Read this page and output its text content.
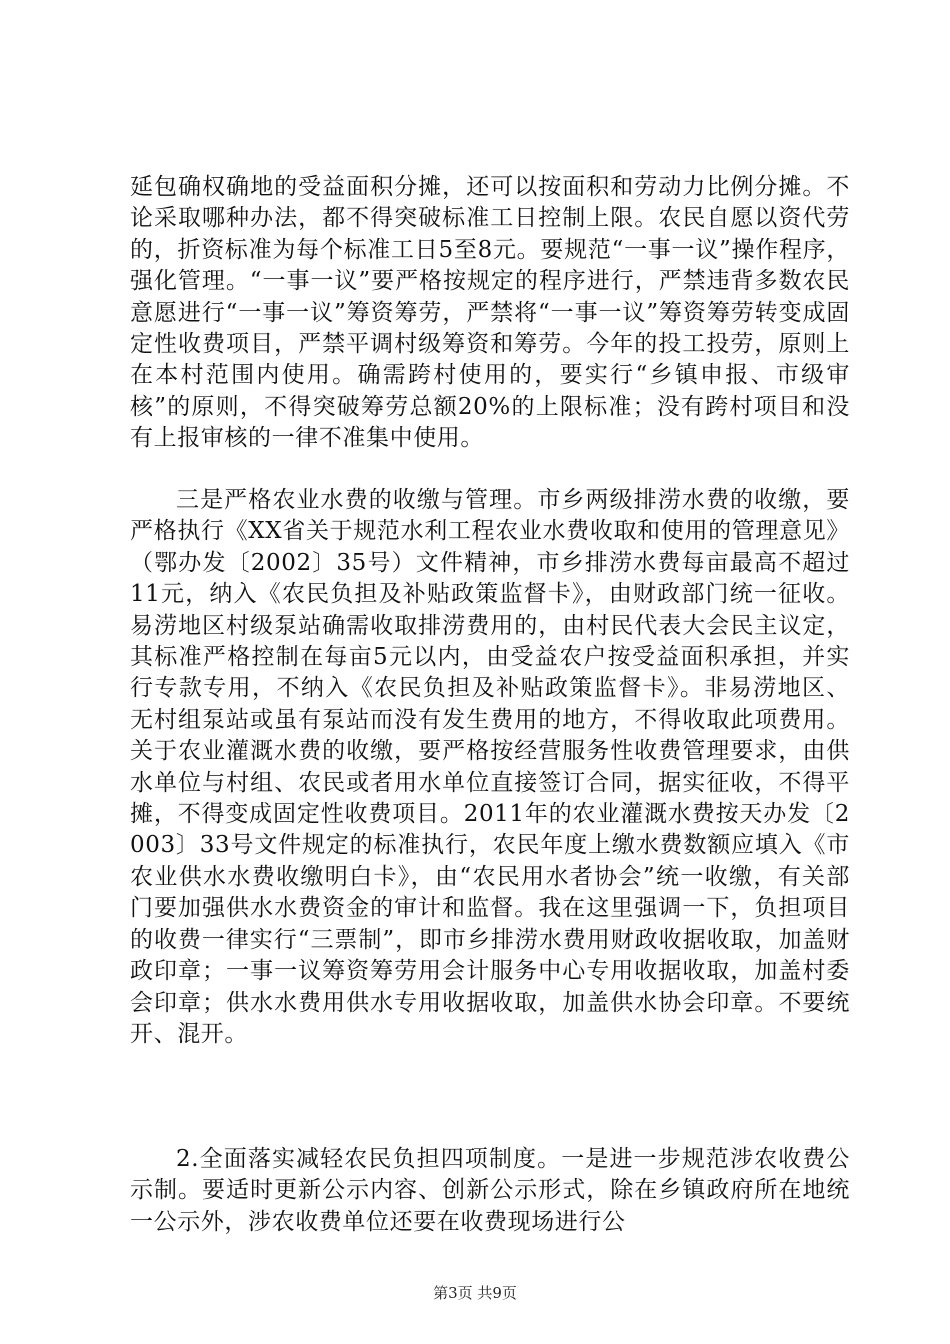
延包确权确地的受益面积分摊，还可以按面积和劳动力比例分摊。不论采取哪种办法，都不得突破标准工日控制上限。农民自愿以资代劳的，折资标准为每个标准工日5至8元。要规范“一事一议”操作程序，强化管理。“一事一议”要严格按规定的程序进行，严禁违背多数农民意愿进行“一事一议”筹资筹劳，严禁将“一事一议”筹资筹劳转变成固定性收费项目，严禁平调村级筹资和筹劳。今年的投工投劳，原则上在本村范围内使用。确需跨村使用的，要实行“乡镇申报、市级审核”的原则，不得突破筹劳总额20%的上限标准；没有跨村项目和没有上报审核的一律不准集中使用。

三是严格农业水费的收缴与管理。市乡两级排涝水费的收缴，要严格执行《XX省关于规范水利工程农业水费收取和使用的管理意见》（鄂办发〔2002〕35号）文件精神，市乡排涝水费每亩最高不超过11元，纳入《农民负担及补贴政策监督卡》，由财政部门统一征收。易涝地区村级泵站确需收取排涝费用的，由村民代表大会民主议定，其标准严格控制在每亩5元以内，由受益农户按受益面积承担，并实行专款专用，不纳入《农民负担及补贴政策监督卡》。非易涝地区、无村组泵站或虽有泵站而没有发生费用的地方，不得收取此项费用。关于农业灌溉水费的收缴，要严格按经营服务性收费管理要求，由供水单位与村组、农民或者用水单位直接签订合同，据实征收，不得平摊，不得变成固定性收费项目。2011年的农业灌溉水费按天办发〔2003〕33号文件规定的标准执行，农民年度上缴水费数额应填入《市农业供水水费收缴明白卡》，由“农民用水者协会”统一收缴，有关部门要加强供水水费资金的审计和监督。我在这里强调一下，负担项目的收费一律实行“三票制”，即市乡排涝水费用财政收据收取，加盖财政印章；一事一议筹资筹劳用会计服务中心专用收据收取，加盖村委会印章；供水水费用供水专用收据收取，加盖供水协会印章。不要统开、混开。

2.全面落实减轻农民负担四项制度。一是进一步规范涉农收费公示制。要适时更新公示内容、创新公示形式，除在乡镇政府所在地统一公示外，涉农收费单位还要在收费现场进行公

第3页 共9页
